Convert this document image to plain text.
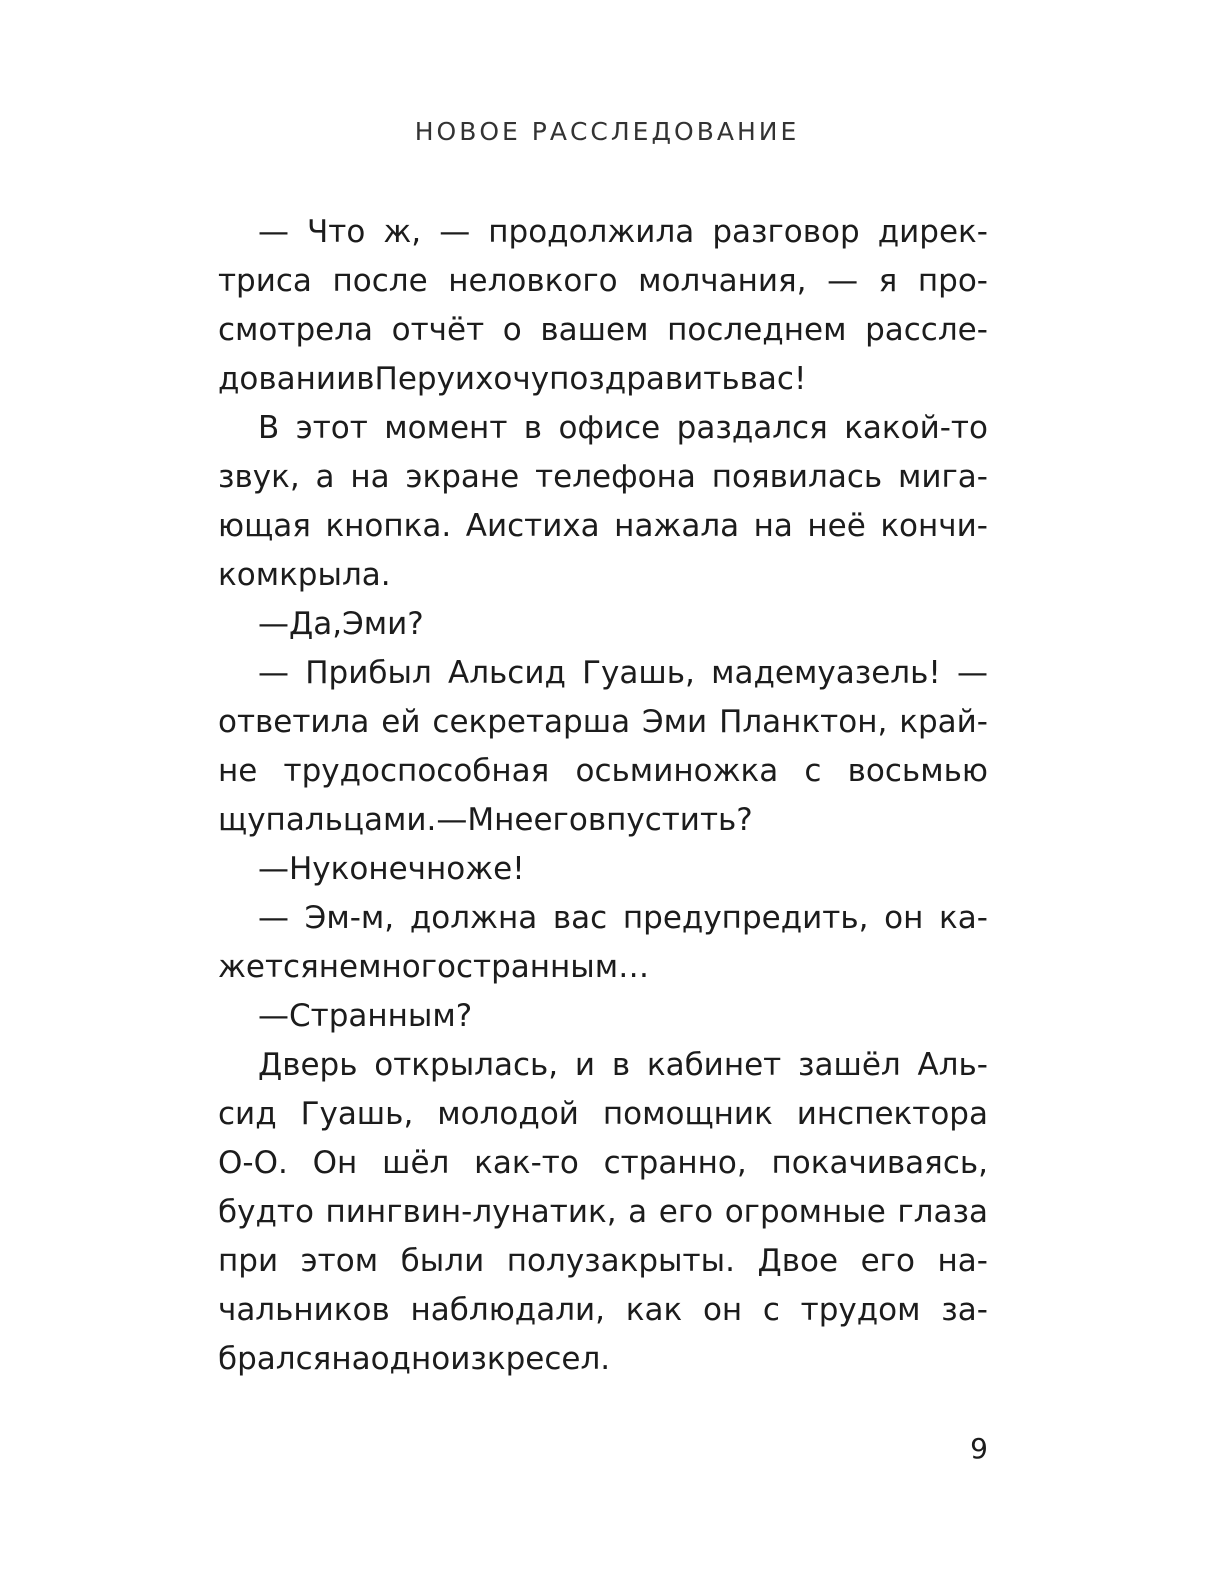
НОВОЕ РАССЛЕДОВАНИЕ
— Что ж, — продолжила разговор дирек-
триса после неловкого молчания, — я про-
смотрела отчёт о вашем последнем рассле-
довании в Перу и хочу поздравить вас!
В этот момент в офисе раздался какой-то
звук, а на экране телефона появилась мига-
ющая кнопка. Аистиха нажала на неё кончи-
ком крыла.
— Да, Эми?
— Прибыл Альсид Гуашь, мадемуазель! —
ответила ей секретарша Эми Планктон, край-
не трудоспособная осьминожка с восьмью
щупальцами. — Мне его впустить?
— Ну конечно же!
— Эм-м, должна вас предупредить, он ка-
жется немного странным…
— Странным?
Дверь открылась, и в кабинет зашёл Аль-
сид Гуашь, молодой помощник инспектора
О-О. Он шёл как-то странно, покачиваясь,
будто пингвин-лунатик, а его огромные глаза
при этом были полузакрыты. Двое его на-
чальников наблюдали, как он с трудом за-
брался на одно из кресел.
9
